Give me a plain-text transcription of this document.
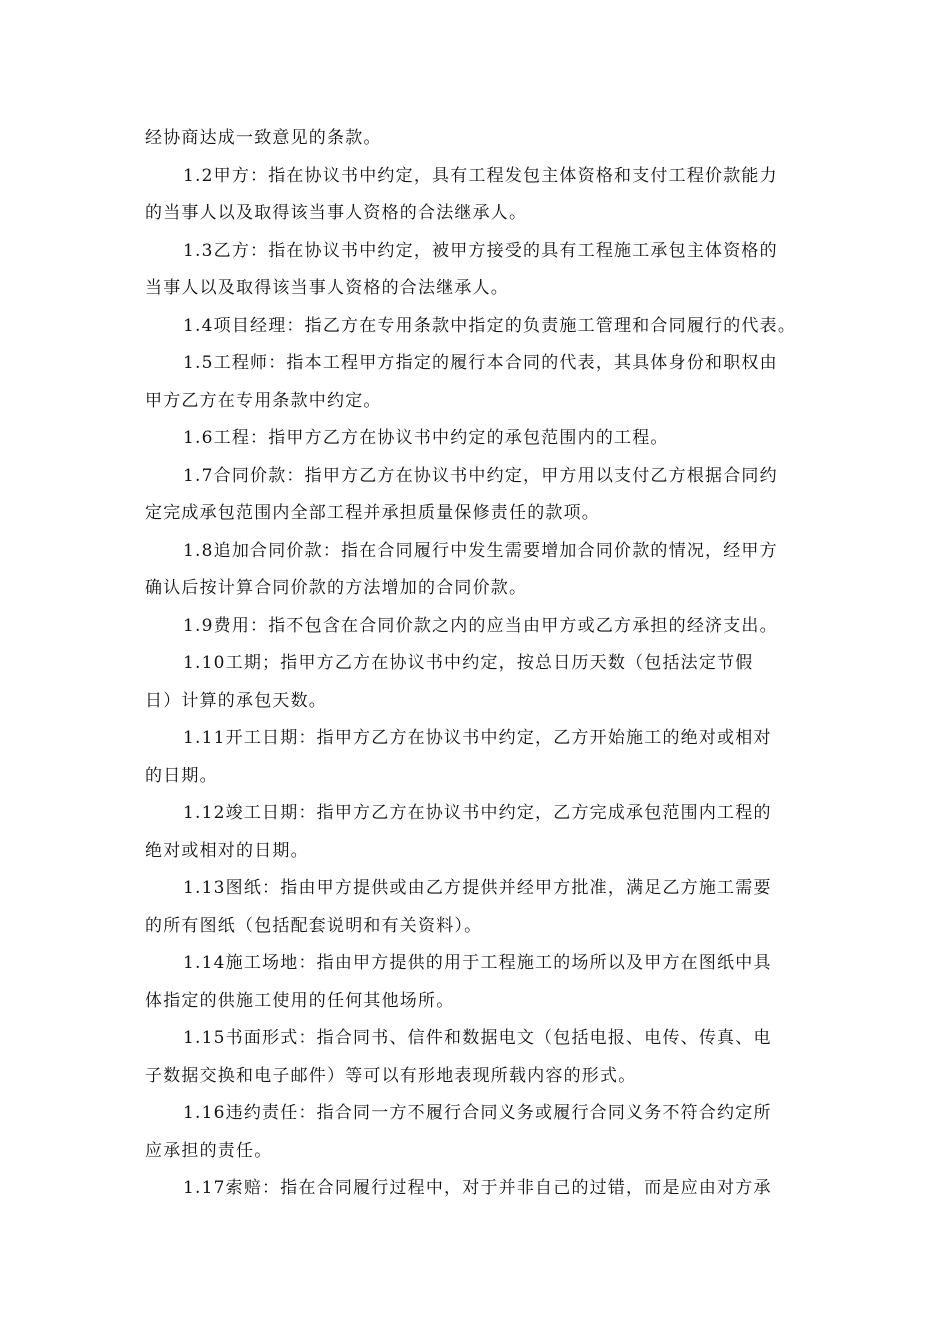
经协商达成一致意见的条款。
1.2甲方：指在协议书中约定，具有工程发包主体资格和支付工程价款能力
的当事人以及取得该当事人资格的合法继承人。
1.3乙方：指在协议书中约定，被甲方接受的具有工程施工承包主体资格的
当事人以及取得该当事人资格的合法继承人。
1.4项目经理：指乙方在专用条款中指定的负责施工管理和合同履行的代表。
1.5工程师：指本工程甲方指定的履行本合同的代表，其具体身份和职权由
甲方乙方在专用条款中约定。
1.6工程：指甲方乙方在协议书中约定的承包范围内的工程。
1.7合同价款：指甲方乙方在协议书中约定，甲方用以支付乙方根据合同约
定完成承包范围内全部工程并承担质量保修责任的款项。
1.8追加合同价款：指在合同履行中发生需要增加合同价款的情况，经甲方
确认后按计算合同价款的方法增加的合同价款。
1.9费用：指不包含在合同价款之内的应当由甲方或乙方承担的经济支出。
1.10工期；指甲方乙方在协议书中约定，按总日历天数（包括法定节假
日）计算的承包天数。
1.11开工日期：指甲方乙方在协议书中约定，乙方开始施工的绝对或相对
的日期。
1.12竣工日期：指甲方乙方在协议书中约定，乙方完成承包范围内工程的
绝对或相对的日期。
1.13图纸：指由甲方提供或由乙方提供并经甲方批准，满足乙方施工需要
的所有图纸（包括配套说明和有关资料）。
1.14施工场地：指由甲方提供的用于工程施工的场所以及甲方在图纸中具
体指定的供施工使用的任何其他场所。
1.15书面形式：指合同书、信件和数据电文（包括电报、电传、传真、电
子数据交换和电子邮件）等可以有形地表现所载内容的形式。
1.16违约责任：指合同一方不履行合同义务或履行合同义务不符合约定所
应承担的责任。
1.17索赔：指在合同履行过程中，对于并非自己的过错，而是应由对方承
